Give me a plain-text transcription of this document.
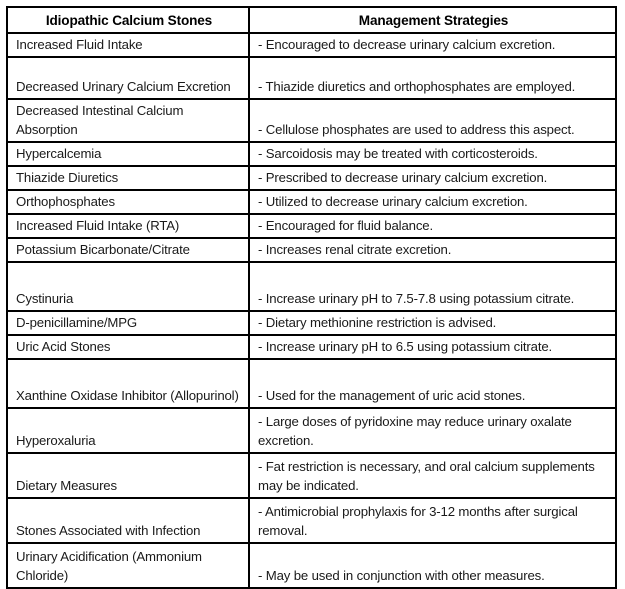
Idiopathic Calcium Stones	Management Strategies

Increased Fluid Intake	- Encouraged to decrease urinary calcium excretion.

Decreased Urinary Calcium Excretion	- Thiazide diuretics and orthophosphates are employed.

Decreased Intestinal Calcium Absorption	- Cellulose phosphates are used to address this aspect.

Hypercalcemia	- Sarcoidosis may be treated with corticosteroids.

Thiazide Diuretics	- Prescribed to decrease urinary calcium excretion.

Orthophosphates	- Utilized to decrease urinary calcium excretion.

Increased Fluid Intake (RTA)	- Encouraged for fluid balance.

Potassium Bicarbonate/Citrate	- Increases renal citrate excretion.

Cystinuria	- Increase urinary pH to 7.5-7.8 using potassium citrate.

D-penicillamine/MPG	- Dietary methionine restriction is advised.

Uric Acid Stones	- Increase urinary pH to 6.5 using potassium citrate.

Xanthine Oxidase Inhibitor (Allopurinol)	- Used for the management of uric acid stones.

Hyperoxaluria	- Large doses of pyridoxine may reduce urinary oxalate excretion.

Dietary Measures	- Fat restriction is necessary, and oral calcium supplements may be indicated.

Stones Associated with Infection	- Antimicrobial prophylaxis for 3-12 months after surgical removal.

Urinary Acidification (Ammonium Chloride)	- May be used in conjunction with other measures.
